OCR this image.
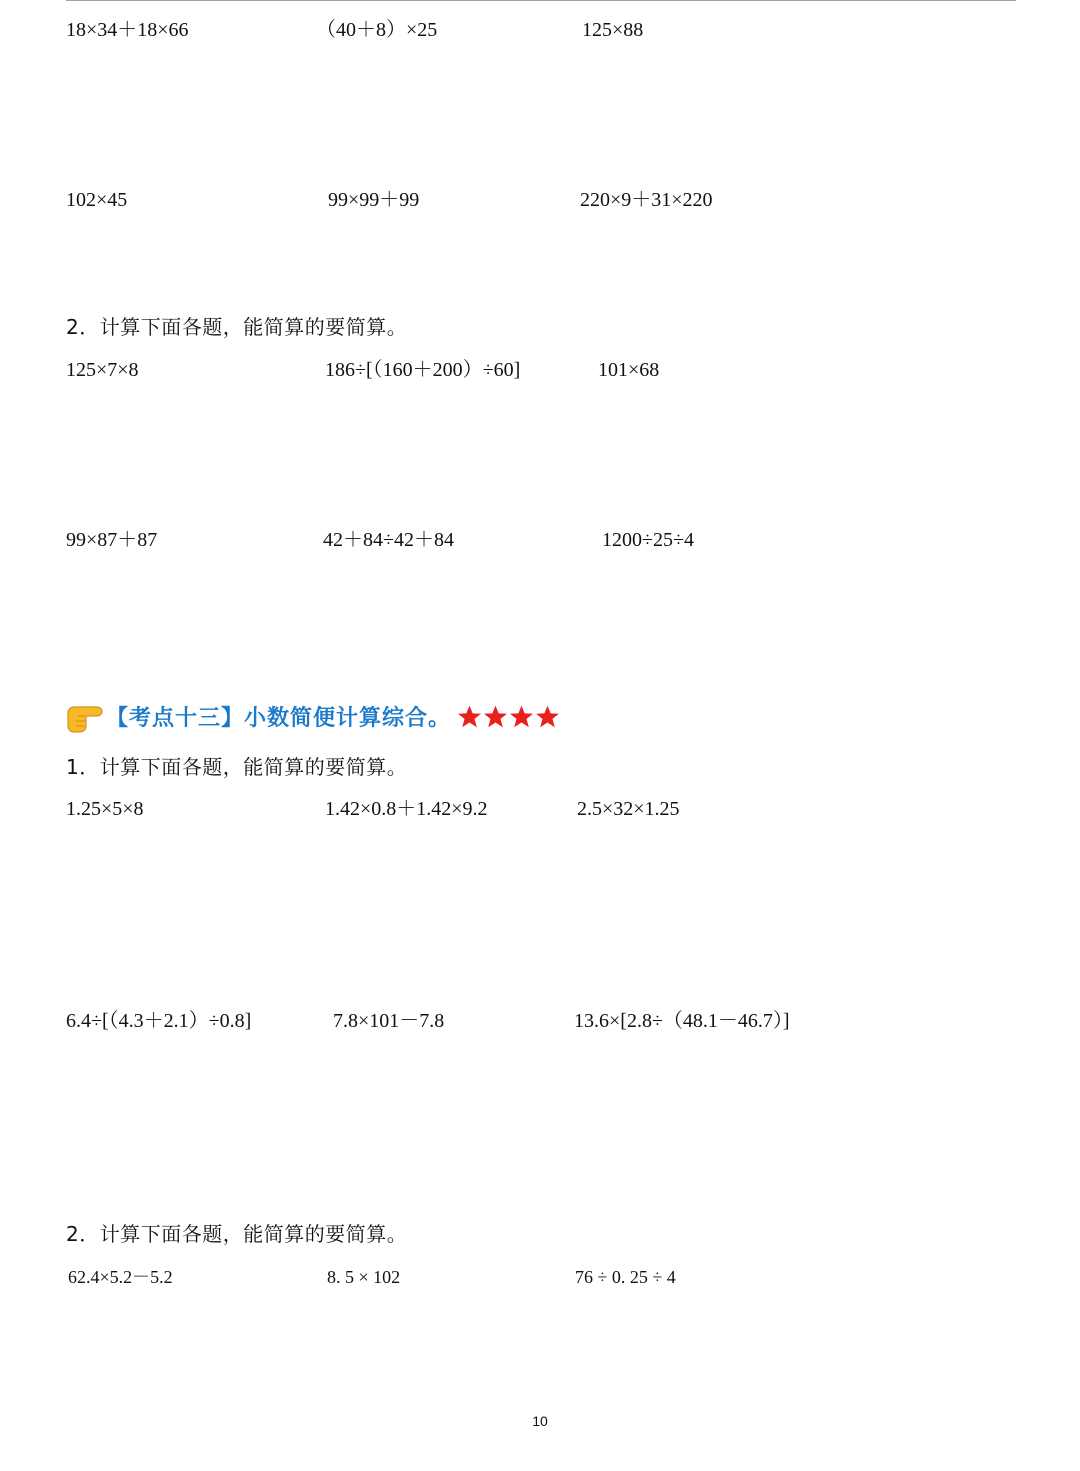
18×34＋18×66	（40＋8）×25	125×88
102×45	99×99＋99	220×9＋31×220
2．计算下面各题，能简算的要简算。
125×7×8	186÷[（160＋200）÷60]	101×68
99×87＋87	42＋84÷42＋84	1200÷25÷4
【考点十三】小数简便计算综合。
1．计算下面各题，能简算的要简算。
1.25×5×8	1.42×0.8＋1.42×9.2	2.5×32×1.25
6.4÷[（4.3＋2.1）÷0.8]	7.8×101－7.8	13.6×[2.8÷（48.1－46.7）]
2．计算下面各题，能简算的要简算。
62.4×5.2－5.2	8. 5 × 102	76 ÷ 0. 25 ÷ 4
10
